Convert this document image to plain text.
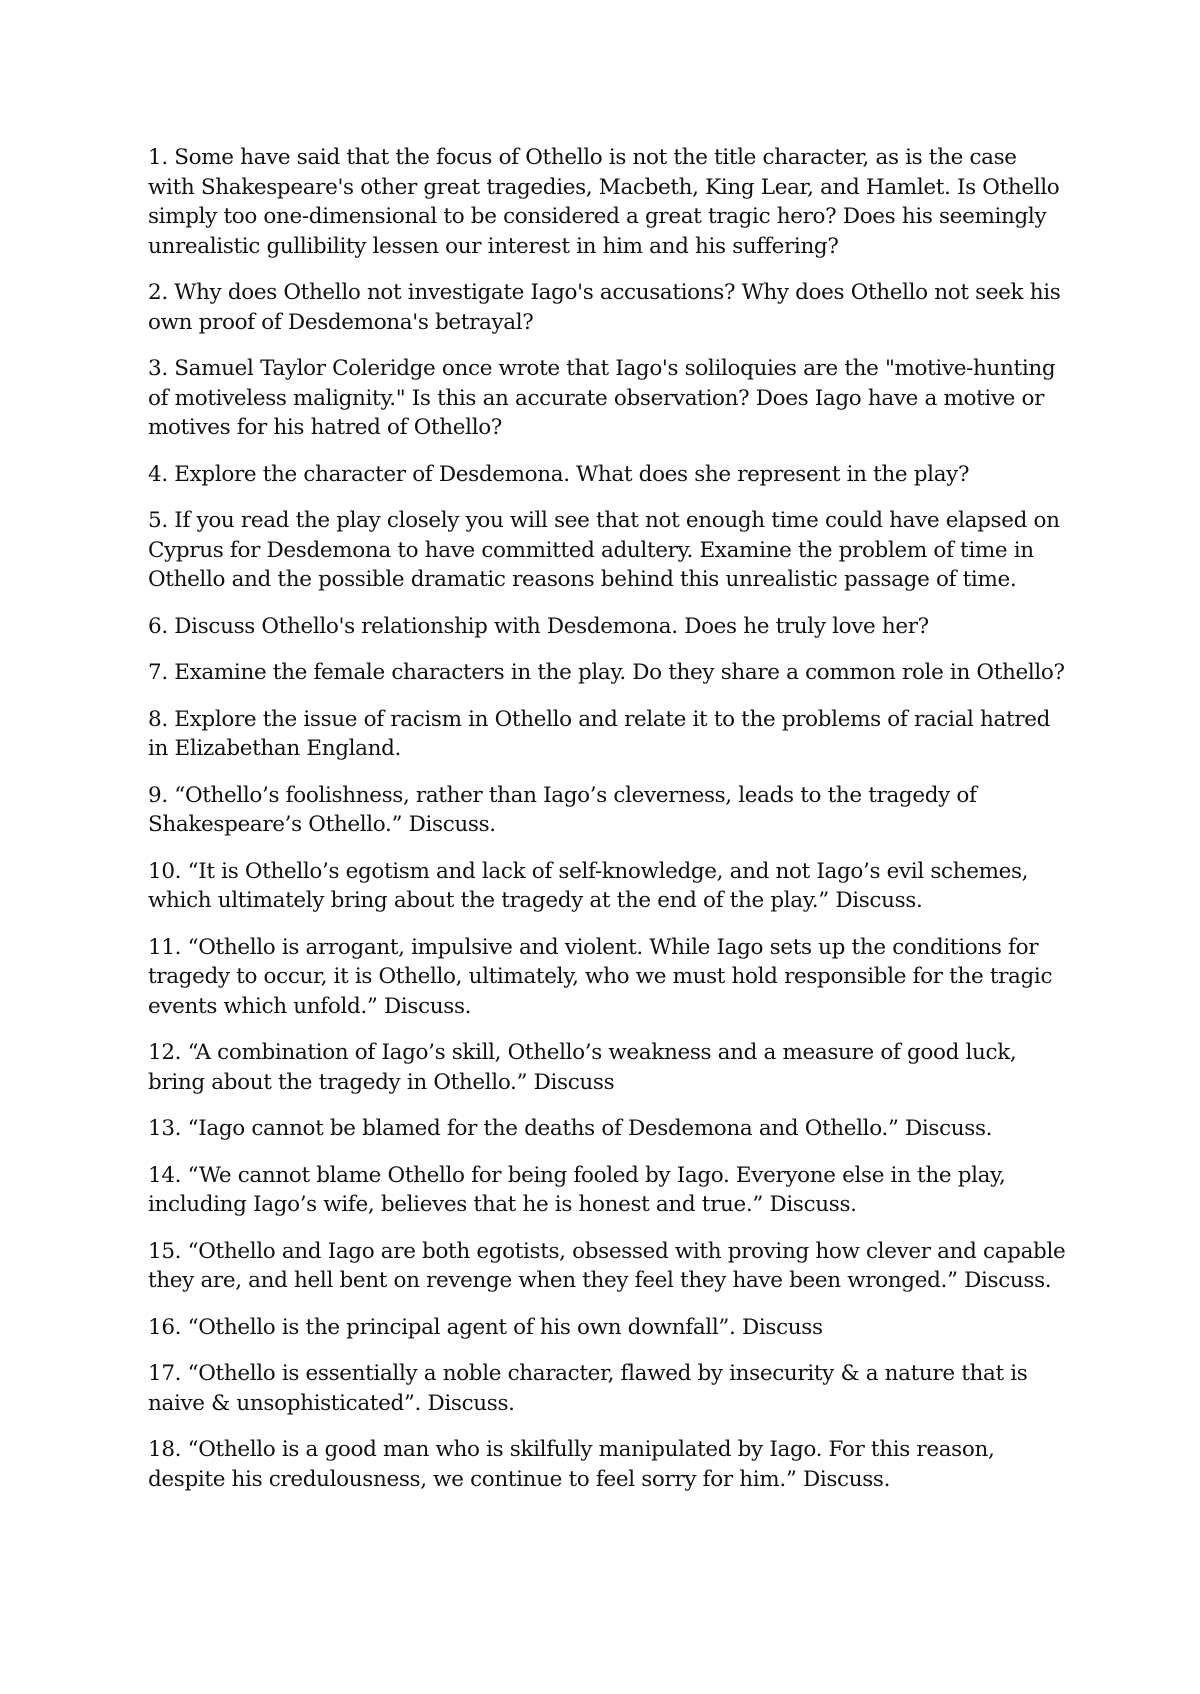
1. Some have said that the focus of Othello is not the title character, as is the case with Shakespeare's other great tragedies, Macbeth, King Lear, and Hamlet. Is Othello simply too one-dimensional to be considered a great tragic hero? Does his seemingly unrealistic gullibility lessen our interest in him and his suffering?

2. Why does Othello not investigate Iago's accusations? Why does Othello not seek his own proof of Desdemona's betrayal?

3. Samuel Taylor Coleridge once wrote that Iago's soliloquies are the "motive-hunting of motiveless malignity." Is this an accurate observation? Does Iago have a motive or motives for his hatred of Othello?

4. Explore the character of Desdemona. What does she represent in the play?

5. If you read the play closely you will see that not enough time could have elapsed on Cyprus for Desdemona to have committed adultery. Examine the problem of time in Othello and the possible dramatic reasons behind this unrealistic passage of time.

6. Discuss Othello's relationship with Desdemona. Does he truly love her?

7. Examine the female characters in the play. Do they share a common role in Othello?

8. Explore the issue of racism in Othello and relate it to the problems of racial hatred in Elizabethan England.

9. “Othello’s foolishness, rather than Iago’s cleverness, leads to the tragedy of Shakespeare’s Othello.” Discuss.

10. “It is Othello’s egotism and lack of self-knowledge, and not Iago’s evil schemes, which ultimately bring about the tragedy at the end of the play.” Discuss.

11. “Othello is arrogant, impulsive and violent. While Iago sets up the conditions for tragedy to occur, it is Othello, ultimately, who we must hold responsible for the tragic events which unfold.” Discuss.

12. “A combination of Iago’s skill, Othello’s weakness and a measure of good luck, bring about the tragedy in Othello.” Discuss

13. “Iago cannot be blamed for the deaths of Desdemona and Othello.” Discuss.

14. “We cannot blame Othello for being fooled by Iago. Everyone else in the play, including Iago’s wife, believes that he is honest and true.” Discuss.

15. “Othello and Iago are both egotists, obsessed with proving how clever and capable they are, and hell bent on revenge when they feel they have been wronged.” Discuss.

16. “Othello is the principal agent of his own downfall”. Discuss

17. “Othello is essentially a noble character, flawed by insecurity & a nature that is naive & unsophisticated”. Discuss.

18. “Othello is a good man who is skilfully manipulated by Iago. For this reason, despite his credulousness, we continue to feel sorry for him.” Discuss.
